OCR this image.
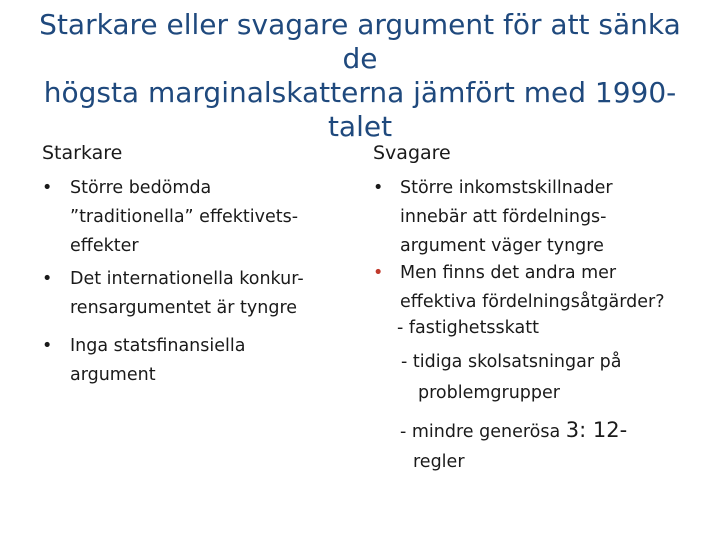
Starkare eller svagare argument för att sänka de
högsta marginalskatterna jämfört med 1990-
talet
Starkare
• Större bedömda
”traditionella” effektivets-
effekter
• Det internationella konkur-
rensargumentet är tyngre
• Inga statsfinansiella
argument
Svagare
• Större inkomstskillnader
innebär att fördelnings-
argument väger tyngre
• Men finns det andra mer
effektiva fördelningsåtgärder?
- fastighetsskatt
- tidiga skolsatsningar på
problemgrupper
- mindre generösa 3: 12-
regler
